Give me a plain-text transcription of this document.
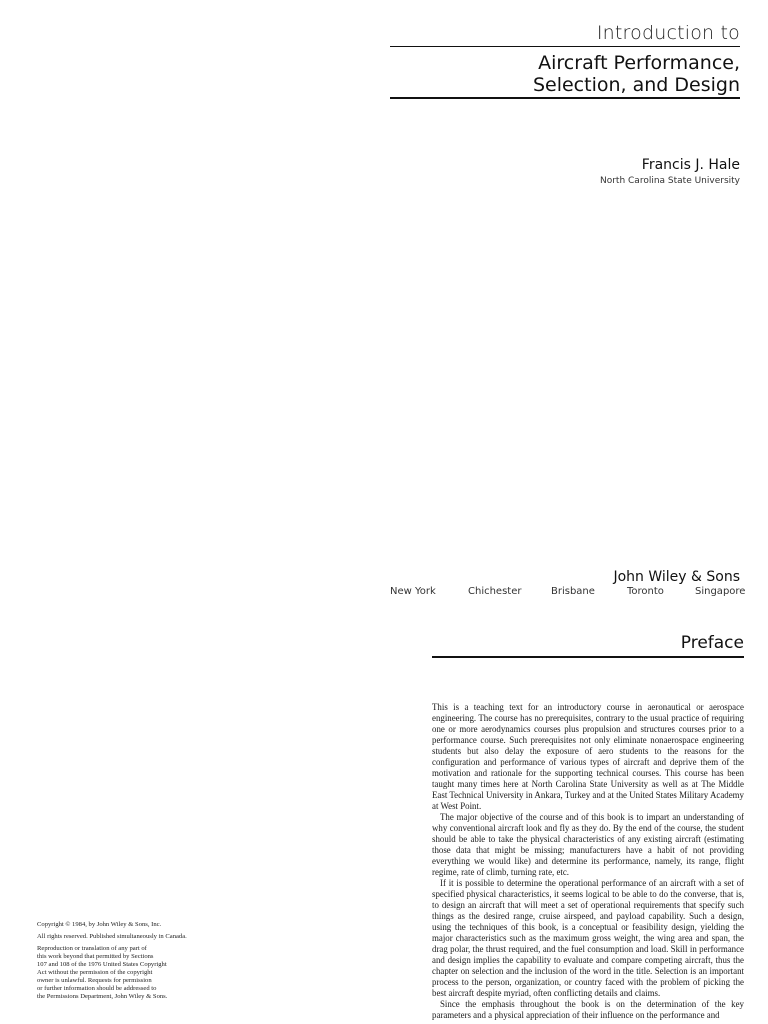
Introduction to
Aircraft Performance,
Selection, and Design
Francis J. Hale
North Carolina State University
John Wiley & Sons
New York	Chichester	Brisbane	Toronto	Singapore
Preface

This is a teaching text for an introductory course in aeronautical or aerospace engineering. The course has no prerequisites, contrary to the usual practice of requiring one or more aerodynamics courses plus propulsion and structures courses prior to a performance course. Such prerequisites not only eliminate nonaerospace engineering students but also delay the exposure of aero students to the reasons for the configuration and performance of various types of aircraft and deprive them of the motivation and rationale for the supporting technical courses. This course has been taught many times here at North Carolina State University as well as at The Middle East Technical University in Ankara, Turkey and at the United States Military Academy at West Point.

The major objective of the course and of this book is to impart an understanding of why conventional aircraft look and fly as they do. By the end of the course, the student should be able to take the physical characteristics of any existing aircraft (estimating those data that might be missing; manufacturers have a habit of not providing everything we would like) and determine its performance, namely, its range, flight regime, rate of climb, turning rate, etc.

If it is possible to determine the operational performance of an aircraft with a set of specified physical characteristics, it seems logical to be able to do the converse, that is, to design an aircraft that will meet a set of operational requirements that specify such things as the desired range, cruise airspeed, and payload capability. Such a design, using the techniques of this book, is a conceptual or feasibility design, yielding the major characteristics such as the maximum gross weight, the wing area and span, the drag polar, the thrust required, and the fuel consumption and load. Skill in performance and design implies the capability to evaluate and compare competing aircraft, thus the chapter on selection and the inclusion of the word in the title. Selection is an important process to the person, organization, or country faced with the problem of picking the best aircraft despite myriad, often conflicting details and claims.

Since the emphasis throughout the book is on the determination of the key parameters and a physical appreciation of their influence on the performance and

Copyright © 1984, by John Wiley & Sons, Inc.

All rights reserved. Published simultaneously in Canada.

Reproduction or translation of any part of
this work beyond that permitted by Sections
107 and 108 of the 1976 United States Copyright
Act without the permission of the copyright
owner is unlawful. Requests for permission
or further information should be addressed to
the Permissions Department, John Wiley & Sons.
